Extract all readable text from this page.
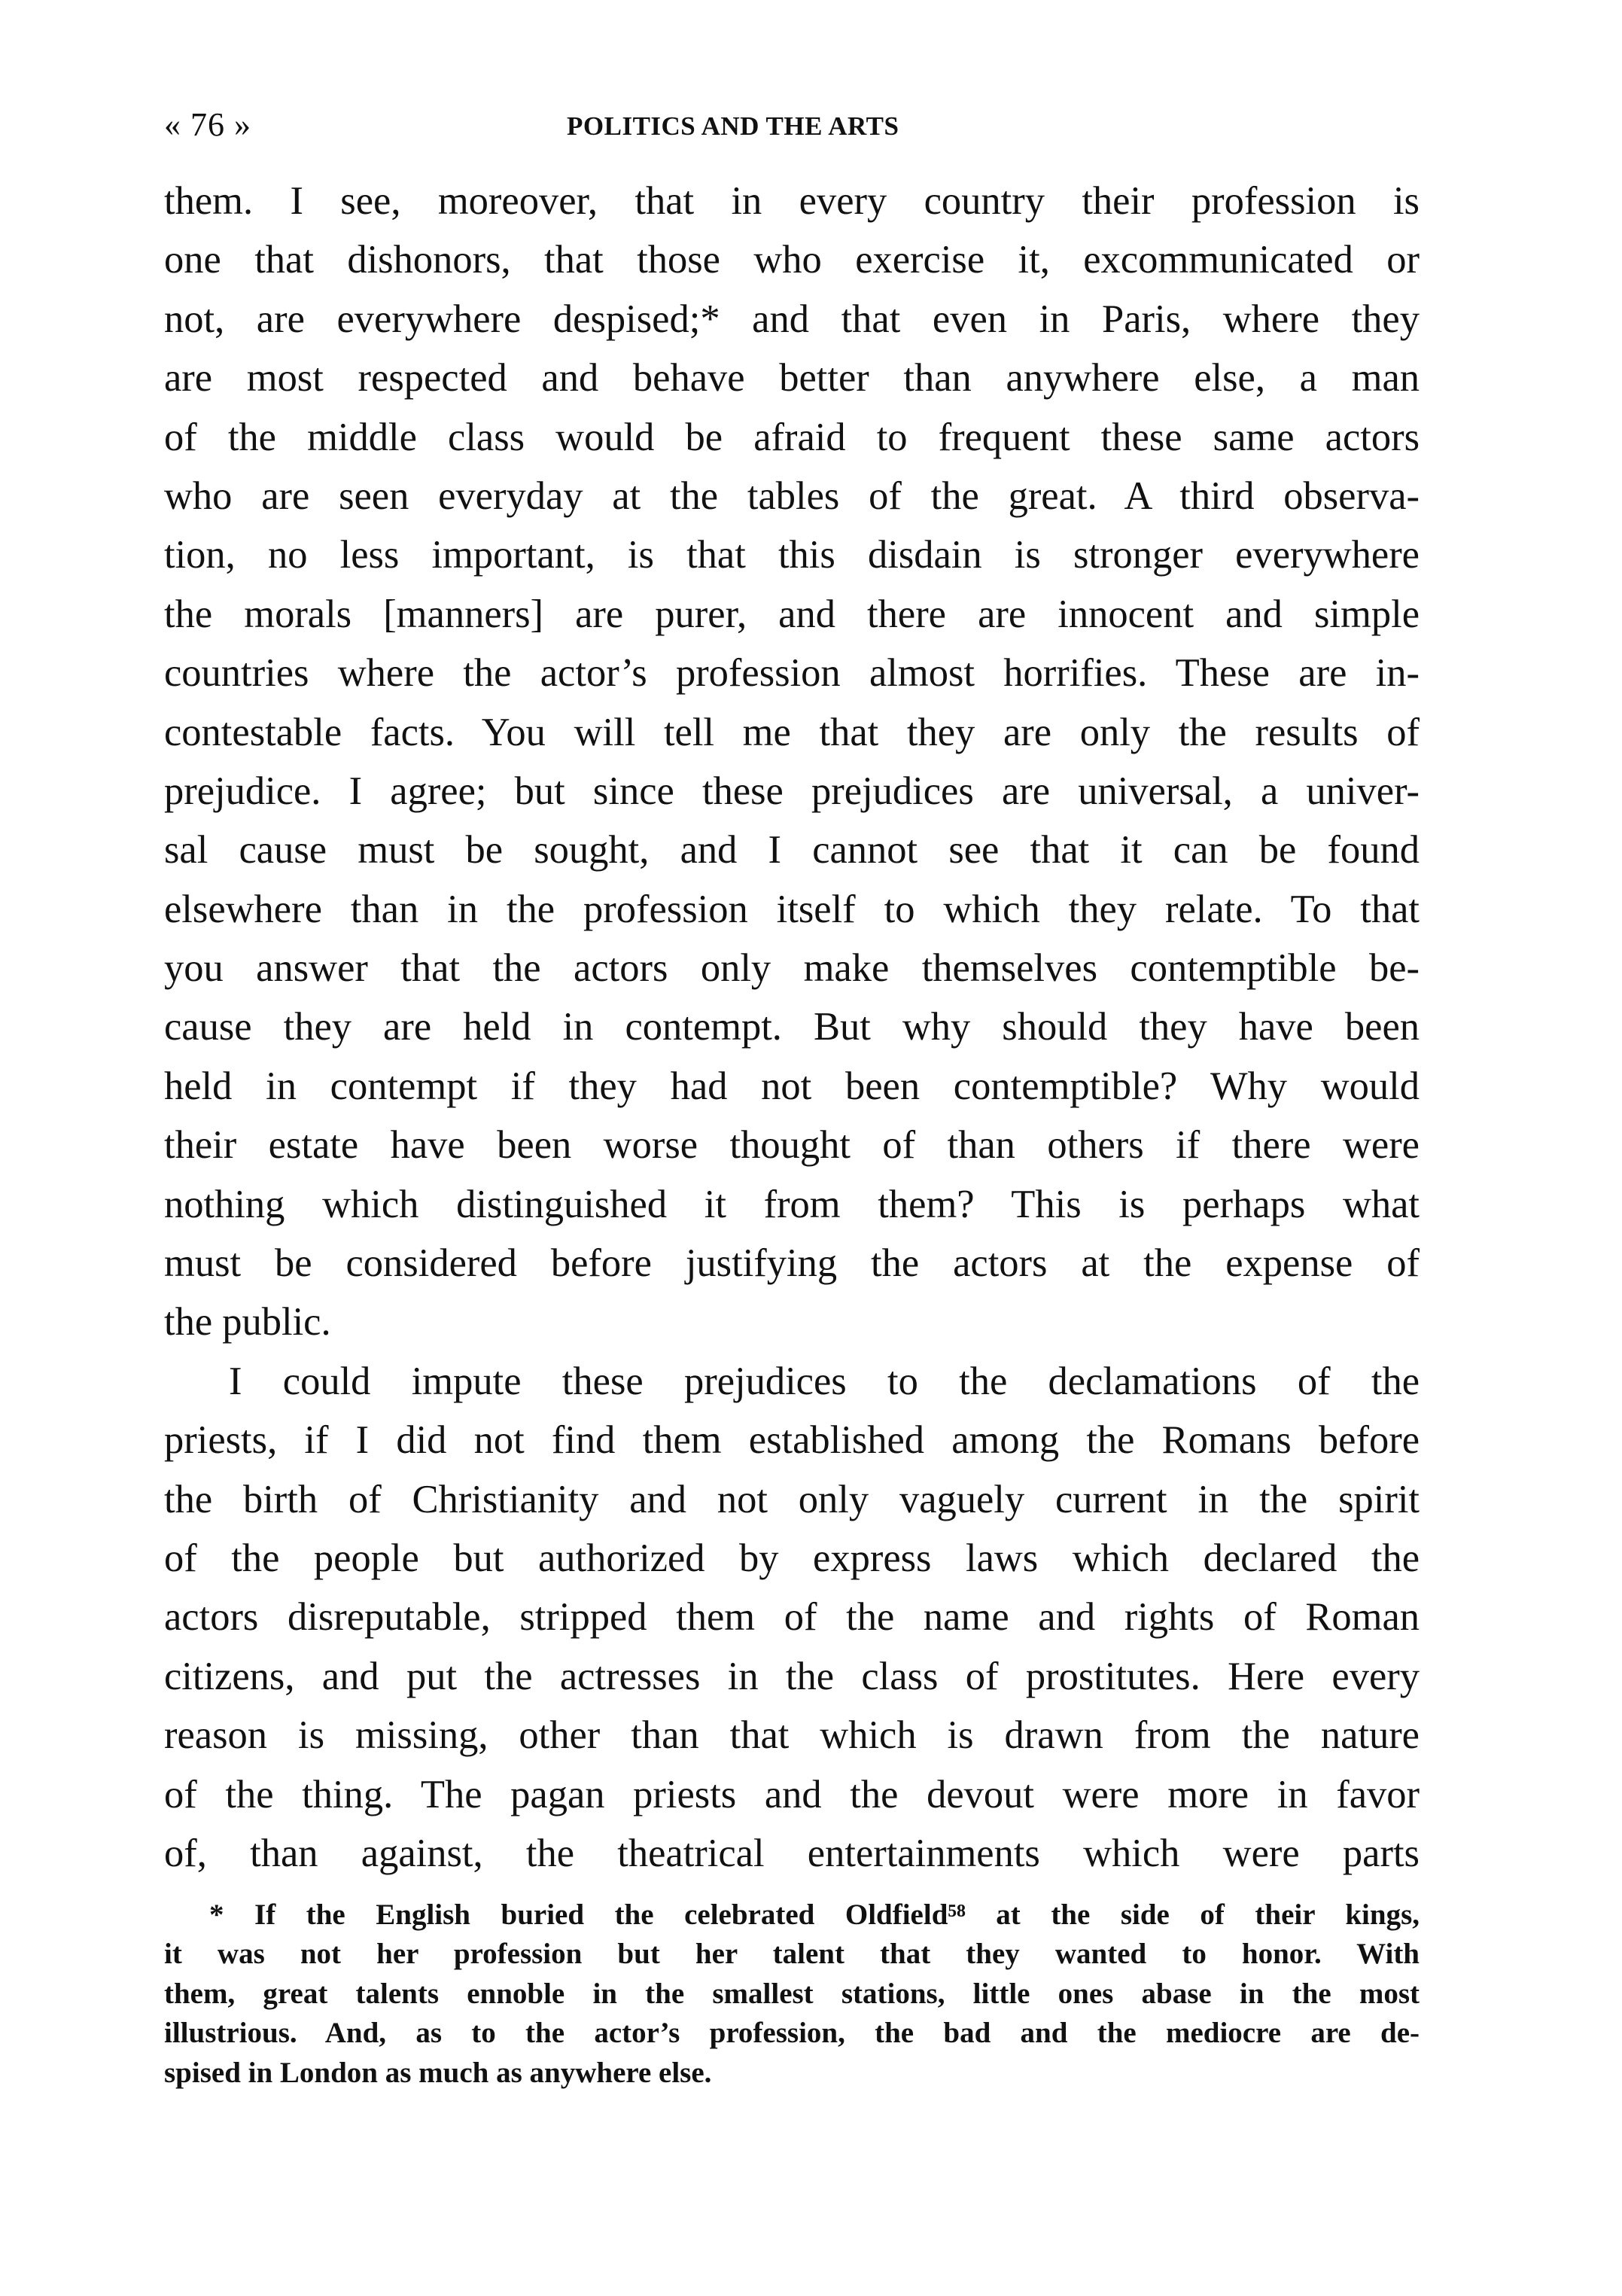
« 76 »	POLITICS AND THE ARTS
them. I see, moreover, that in every country their profession is
one that dishonors, that those who exercise it, excommunicated or
not, are everywhere despised;* and that even in Paris, where they
are most respected and behave better than anywhere else, a man
of the middle class would be afraid to frequent these same actors
who are seen everyday at the tables of the great. A third observa-
tion, no less important, is that this disdain is stronger everywhere
the morals [manners] are purer, and there are innocent and simple
countries where the actor’s profession almost horrifies. These are in-
contestable facts. You will tell me that they are only the results of
prejudice. I agree; but since these prejudices are universal, a univer-
sal cause must be sought, and I cannot see that it can be found
elsewhere than in the profession itself to which they relate. To that
you answer that the actors only make themselves contemptible be-
cause they are held in contempt. But why should they have been
held in contempt if they had not been contemptible? Why would
their estate have been worse thought of than others if there were
nothing which distinguished it from them? This is perhaps what
must be considered before justifying the actors at the expense of
the public.
I could impute these prejudices to the declamations of the
priests, if I did not find them established among the Romans before
the birth of Christianity and not only vaguely current in the spirit
of the people but authorized by express laws which declared the
actors disreputable, stripped them of the name and rights of Roman
citizens, and put the actresses in the class of prostitutes. Here every
reason is missing, other than that which is drawn from the nature
of the thing. The pagan priests and the devout were more in favor
of, than against, the theatrical entertainments which were parts
* If the English buried the celebrated Oldfield⁵⁸ at the side of their kings,
it was not her profession but her talent that they wanted to honor. With
them, great talents ennoble in the smallest stations, little ones abase in the most
illustrious. And, as to the actor’s profession, the bad and the mediocre are de-
spised in London as much as anywhere else.
